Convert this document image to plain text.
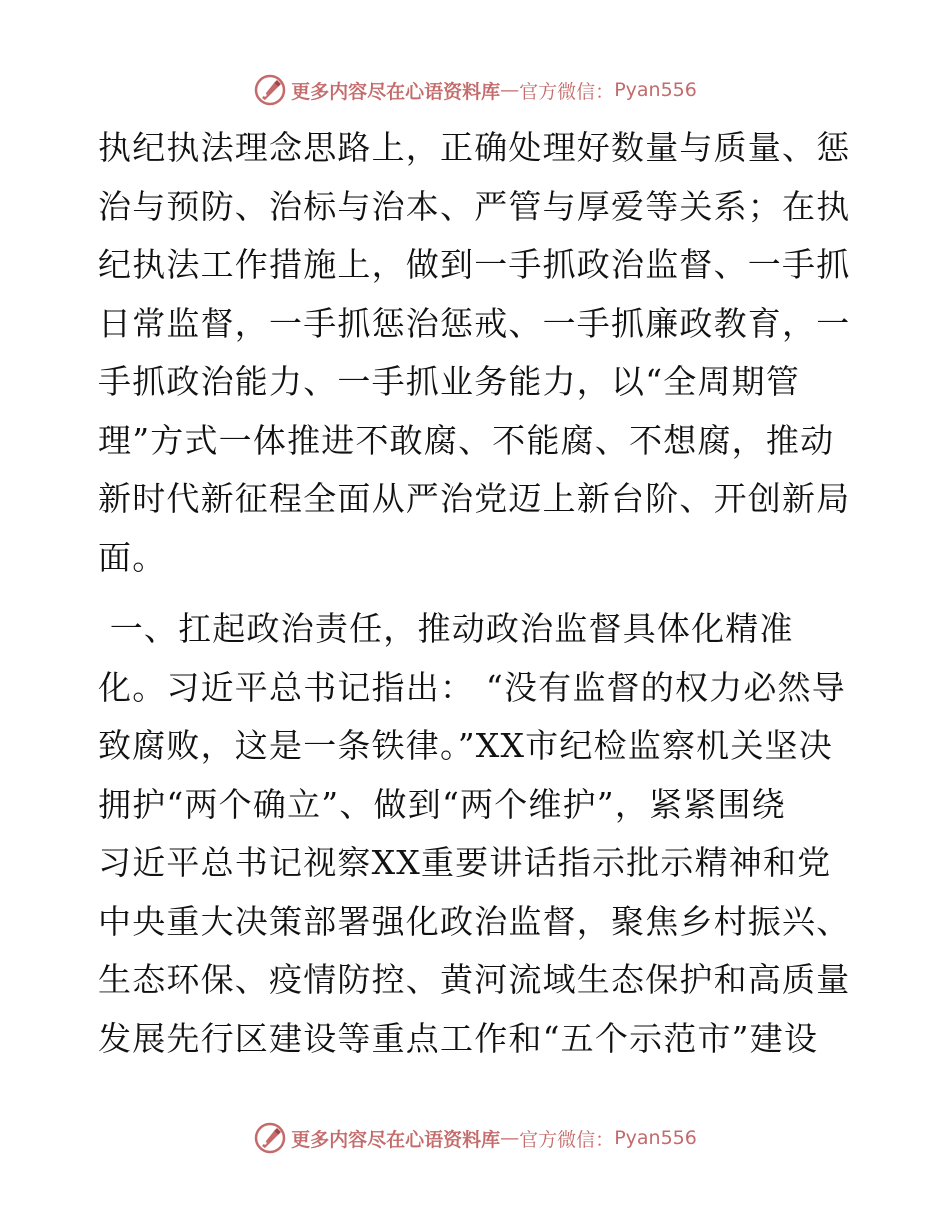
更多内容尽在心语资料库 — 官方微信： Pyan556
执纪执法理念思路上，正确处理好数量与质量、惩
治与预防、治标与治本、严管与厚爱等关系；在执
纪执法工作措施上，做到一手抓政治监督、一手抓
日常监督，一手抓惩治惩戒、一手抓廉政教育，一
手抓政治能力、一手抓业务能力，以“全周期管
理”方式一体推进不敢腐、不能腐、不想腐，推动
新时代新征程全面从严治党迈上新台阶、开创新局
面。
一、扛起政治责任，推动政治监督具体化精准
化。习近平总书记指出： “没有监督的权力必然导
致腐败，这是一条铁律。”XX市纪检监察机关坚决
拥护“两个确立”、做到“两个维护”，紧紧围绕
习近平总书记视察XX重要讲话指示批示精神和党
中央重大决策部署强化政治监督，聚焦乡村振兴、
生态环保、疫情防控、黄河流域生态保护和高质量
发展先行区建设等重点工作和“五个示范市”建设
更多内容尽在心语资料库 — 官方微信： Pyan556
